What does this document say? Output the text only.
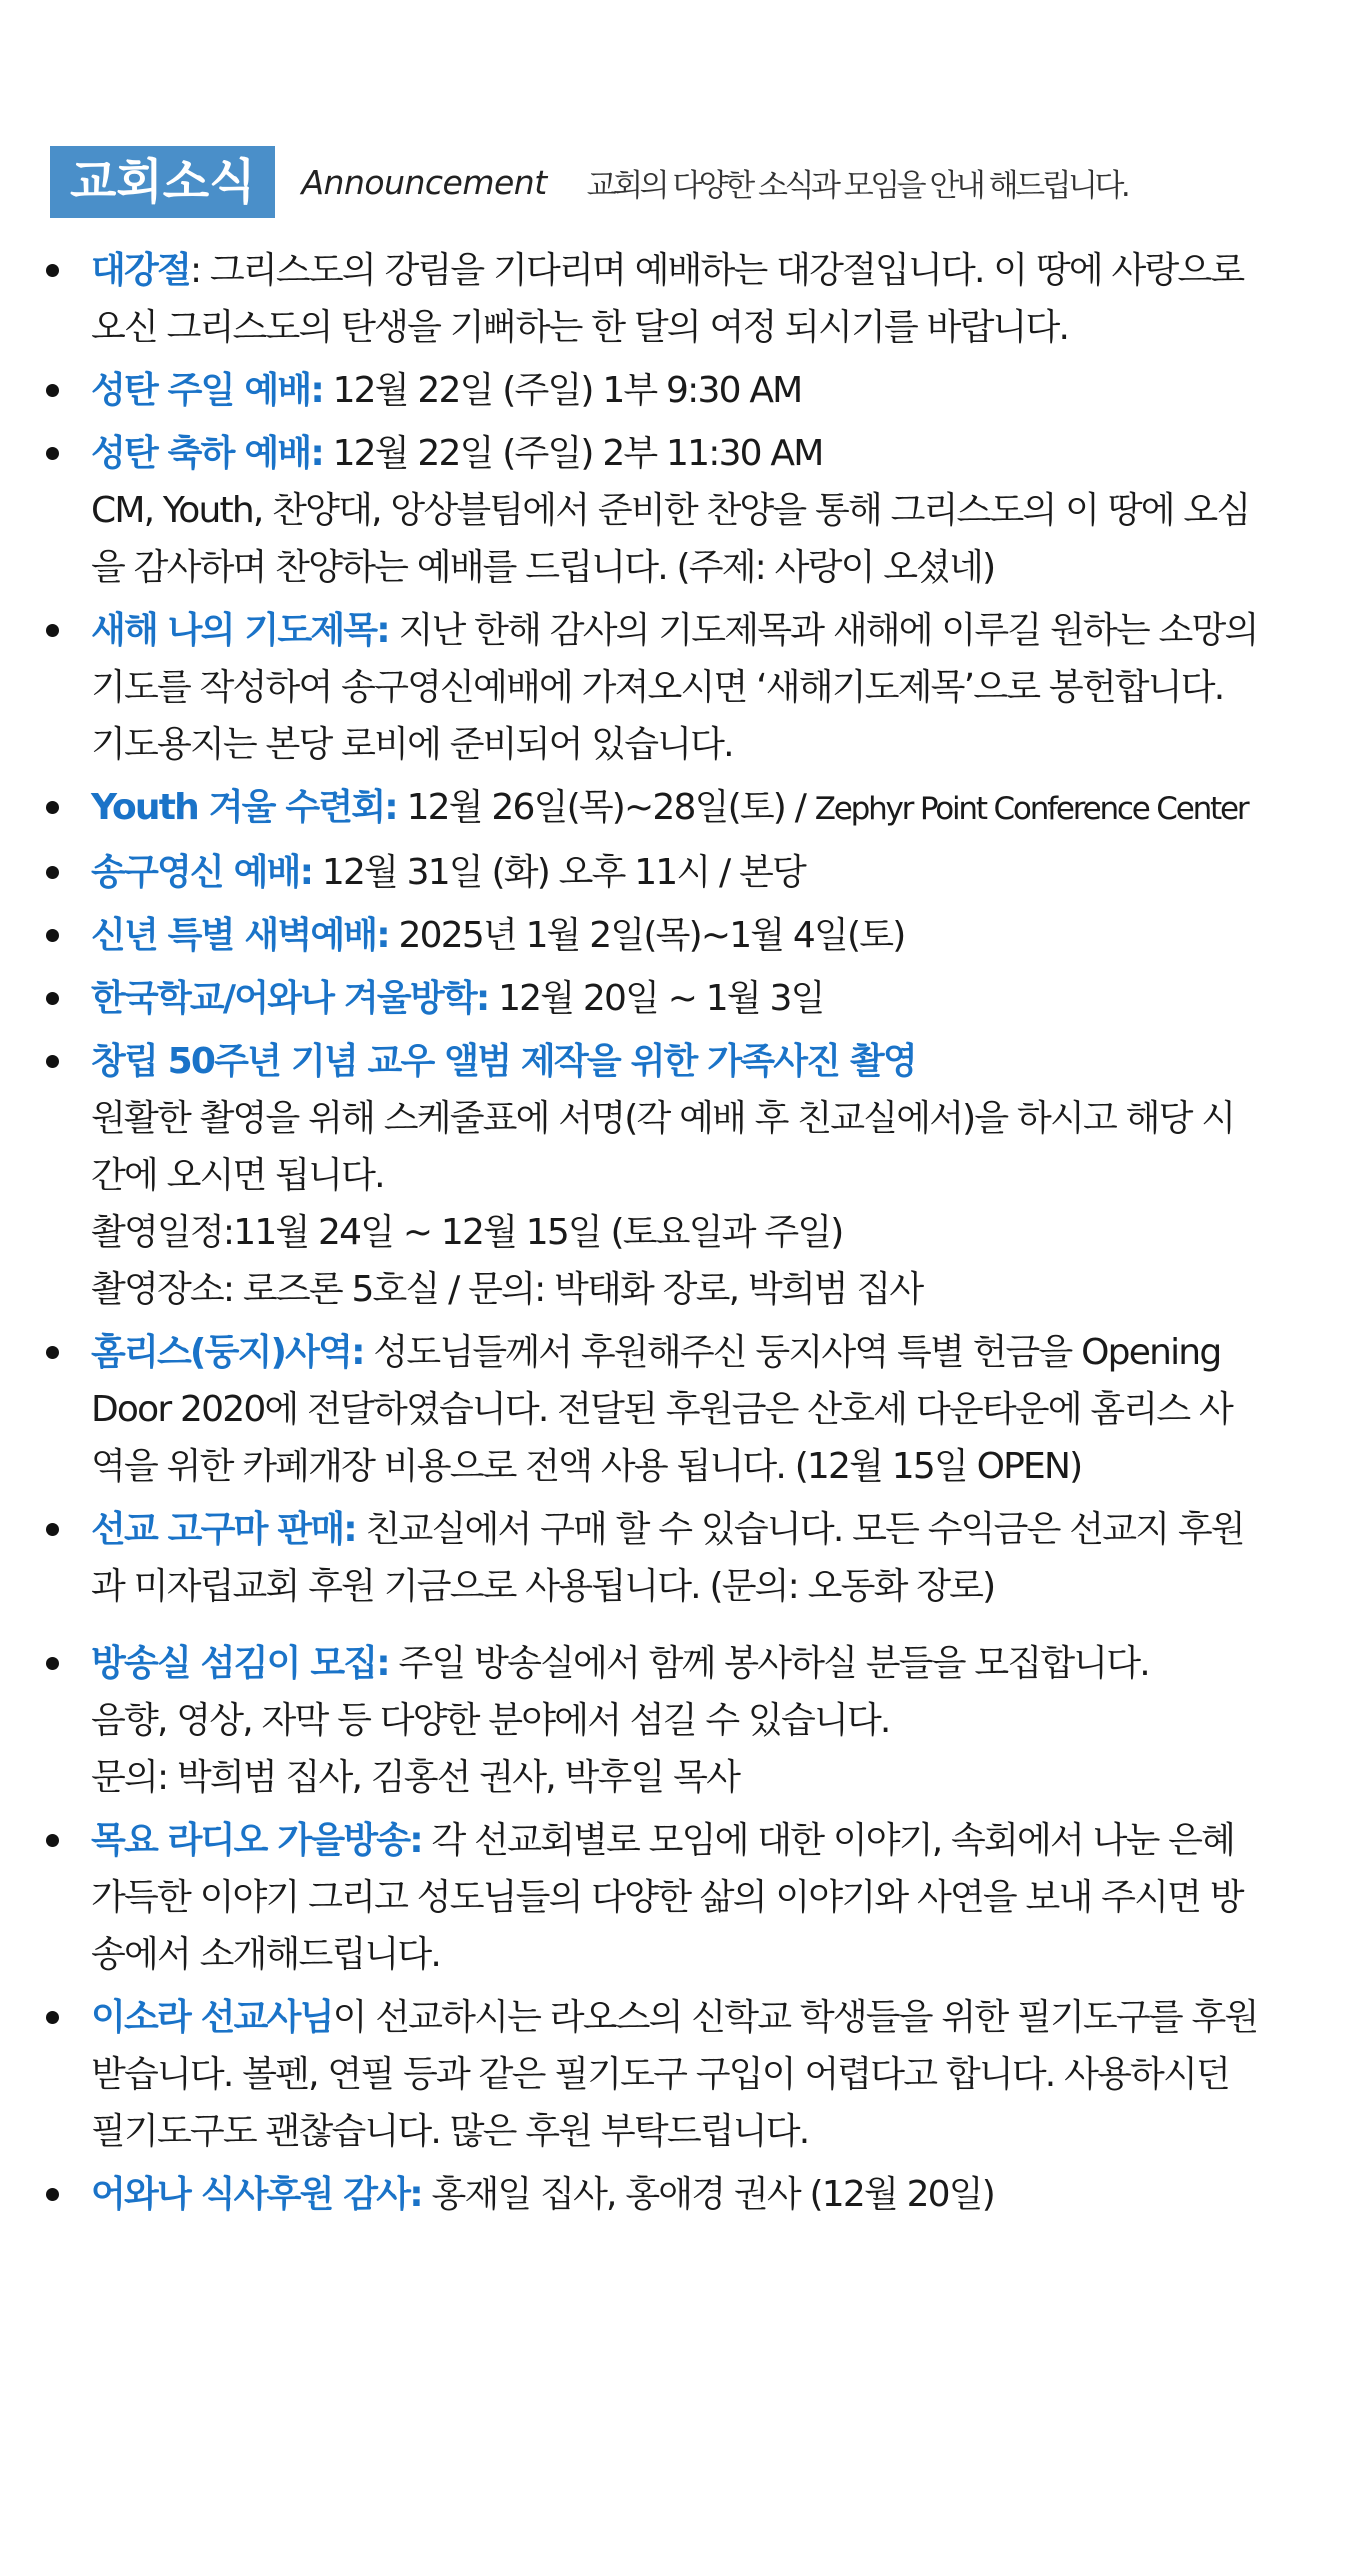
교회소식	Announcement 교회의 다양한 소식과 모임을 안내 해드립니다.
대강절: 그리스도의 강림을 기다리며 예배하는 대강절입니다. 이 땅에 사랑으로
오신 그리스도의 탄생을 기뻐하는 한 달의 여정 되시기를 바랍니다.
성탄 주일 예배: 12월 22일 (주일) 1부 9:30 AM
성탄 축하 예배: 12월 22일 (주일) 2부 11:30 AM
CM, Youth, 찬양대, 앙상블팀에서 준비한 찬양을 통해 그리스도의 이 땅에 오심
을 감사하며 찬양하는 예배를 드립니다. (주제: 사랑이 오셨네)
새해 나의 기도제목: 지난 한해 감사의 기도제목과 새해에 이루길 원하는 소망의
기도를 작성하여 송구영신예배에 가져오시면 ‘새해기도제목’으로 봉헌합니다.
기도용지는 본당 로비에 준비되어 있습니다.
Youth 겨울 수련회: 12월 26일(목)~28일(토) / Zephyr Point Conference Center
송구영신 예배: 12월 31일 (화) 오후 11시 / 본당
신년 특별 새벽예배: 2025년 1월 2일(목)~1월 4일(토)
한국학교/어와나 겨울방학: 12월 20일 ~ 1월 3일
창립 50주년 기념 교우 앨범 제작을 위한 가족사진 촬영
원활한 촬영을 위해 스케줄표에 서명(각 예배 후 친교실에서)을 하시고 해당 시
간에 오시면 됩니다.
촬영일정:11월 24일 ~ 12월 15일 (토요일과 주일)
촬영장소: 로즈론 5호실 / 문의: 박태화 장로, 박희범 집사
홈리스(둥지)사역: 성도님들께서 후원해주신 둥지사역 특별 헌금을 Opening
Door 2020에 전달하였습니다. 전달된 후원금은 산호세 다운타운에 홈리스 사
역을 위한 카페개장 비용으로 전액 사용 됩니다. (12월 15일 OPEN)
선교 고구마 판매: 친교실에서 구매 할 수 있습니다. 모든 수익금은 선교지 후원
과 미자립교회 후원 기금으로 사용됩니다. (문의: 오동화 장로)
방송실 섬김이 모집: 주일 방송실에서 함께 봉사하실 분들을 모집합니다.
음향, 영상, 자막 등 다양한 분야에서 섬길 수 있습니다.
문의: 박희범 집사, 김홍선 권사, 박후일 목사
목요 라디오 가을방송: 각 선교회별로 모임에 대한 이야기, 속회에서 나눈 은혜
가득한 이야기 그리고 성도님들의 다양한 삶의 이야기와 사연을 보내 주시면 방
송에서 소개해드립니다.
이소라 선교사님이 선교하시는 라오스의 신학교 학생들을 위한 필기도구를 후원
받습니다. 볼펜, 연필 등과 같은 필기도구 구입이 어렵다고 합니다. 사용하시던
필기도구도 괜찮습니다. 많은 후원 부탁드립니다.
어와나 식사후원 감사: 홍재일 집사, 홍애경 권사 (12월 20일)
